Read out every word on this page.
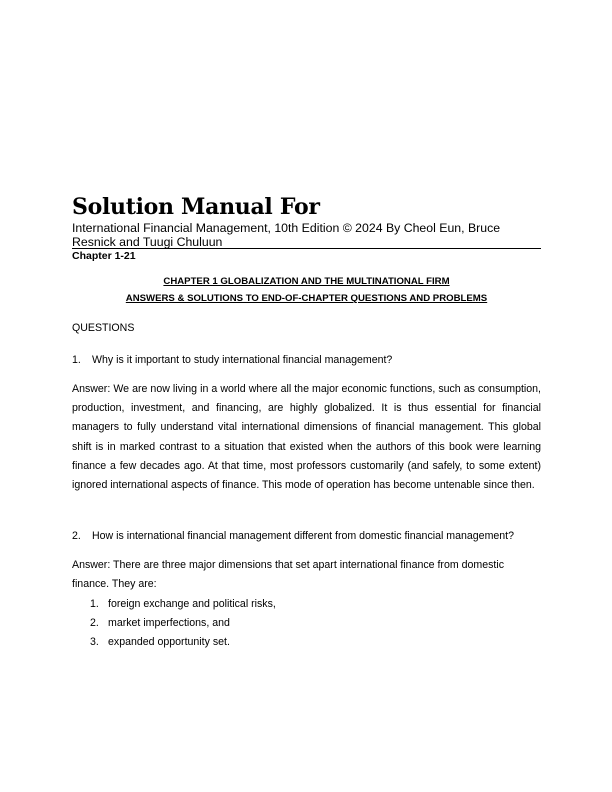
Solution Manual For
International Financial Management, 10th Edition © 2024 By Cheol Eun, Bruce Resnick and Tuugi Chuluun
Chapter 1-21
CHAPTER 1 GLOBALIZATION AND THE MULTINATIONAL FIRM
ANSWERS & SOLUTIONS TO END-OF-CHAPTER QUESTIONS AND PROBLEMS
QUESTIONS
1. Why is it important to study international financial management?
Answer: We are now living in a world where all the major economic functions, such as consumption, production, investment, and financing, are highly globalized. It is thus essential for financial managers to fully understand vital international dimensions of financial management. This global shift is in marked contrast to a situation that existed when the authors of this book were learning finance a few decades ago. At that time, most professors customarily (and safely, to some extent) ignored international aspects of finance. This mode of operation has become untenable since then.
2. How is international financial management different from domestic financial management?
Answer: There are three major dimensions that set apart international finance from domestic finance. They are:
1. foreign exchange and political risks,
2. market imperfections, and
3. expanded opportunity set.
